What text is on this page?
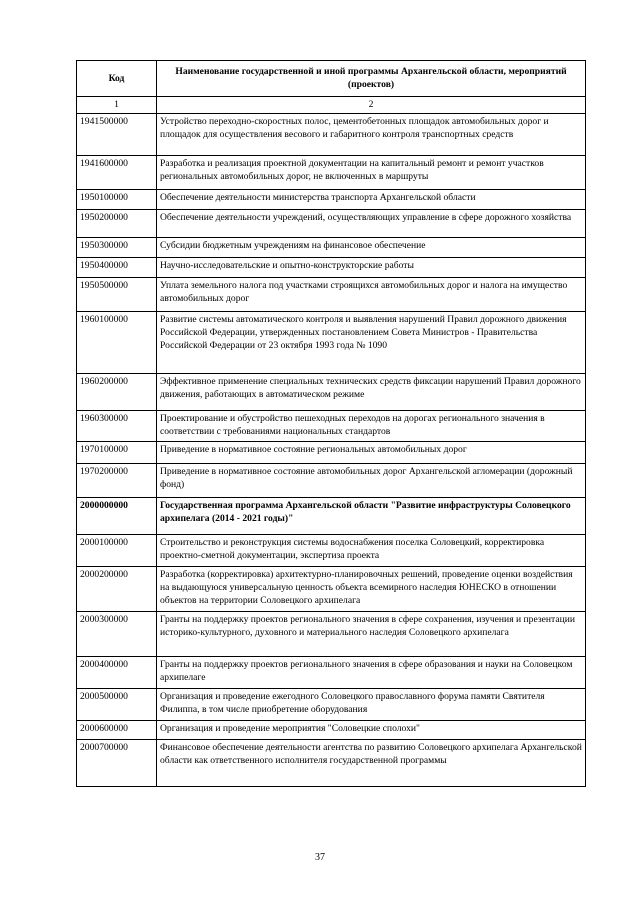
Код	Наименование государственной и иной программы Архангельской области, мероприятий (проектов)
1	2
1941500000	Устройство переходно-скоростных полос, цементобетонных площадок автомобильных дорог и площадок для осуществления весового и габаритного контроля транспортных средств
1941600000	Разработка и реализация проектной документации на капитальный ремонт и ремонт участков региональных автомобильных дорог, не включенных в маршруты
1950100000	Обеспечение деятельности министерства транспорта Архангельской области
1950200000	Обеспечение деятельности учреждений, осуществляющих управление в сфере дорожного хозяйства
1950300000	Субсидии бюджетным учреждениям на финансовое обеспечение
1950400000	Научно-исследовательские и опытно-конструкторские работы
1950500000	Уплата земельного налога под участками строящихся автомобильных дорог и налога на имущество автомобильных дорог
1960100000	Развитие системы автоматического контроля и выявления нарушений Правил дорожного движения Российской Федерации, утвержденных постановлением Совета Министров - Правительства Российской Федерации от 23 октября 1993 года № 1090
1960200000	Эффективное применение специальных технических средств фиксации нарушений Правил дорожного движения, работающих в автоматическом режиме
1960300000	Проектирование и обустройство пешеходных переходов на дорогах регионального значения в соответствии с требованиями национальных стандартов
1970100000	Приведение в нормативное состояние региональных автомобильных дорог
1970200000	Приведение в нормативное состояние автомобильных дорог Архангельской агломерации (дорожный фонд)
2000000000	Государственная программа Архангельской области "Развитие инфраструктуры Соловецкого архипелага (2014 - 2021 годы)"
2000100000	Строительство и реконструкция системы водоснабжения поселка Соловецкий, корректировка проектно-сметной документации, экспертиза проекта
2000200000	Разработка (корректировка) архитектурно-планировочных решений, проведение оценки воздействия на выдающуюся универсальную ценность объекта всемирного наследия ЮНЕСКО в отношении объектов на территории Соловецкого архипелага
2000300000	Гранты на поддержку проектов регионального значения в сфере сохранения, изучения и презентации историко-культурного, духовного и материального наследия Соловецкого архипелага
2000400000	Гранты на поддержку проектов регионального значения в сфере образования и науки на Соловецком архипелаге
2000500000	Организация и проведение ежегодного Соловецкого православного форума памяти Святителя Филиппа, в том числе приобретение оборудования
2000600000	Организация и проведение мероприятия "Соловецкие сполохи"
2000700000	Финансовое обеспечение деятельности агентства по развитию Соловецкого архипелага Архангельской области как ответственного исполнителя государственной программы
37
